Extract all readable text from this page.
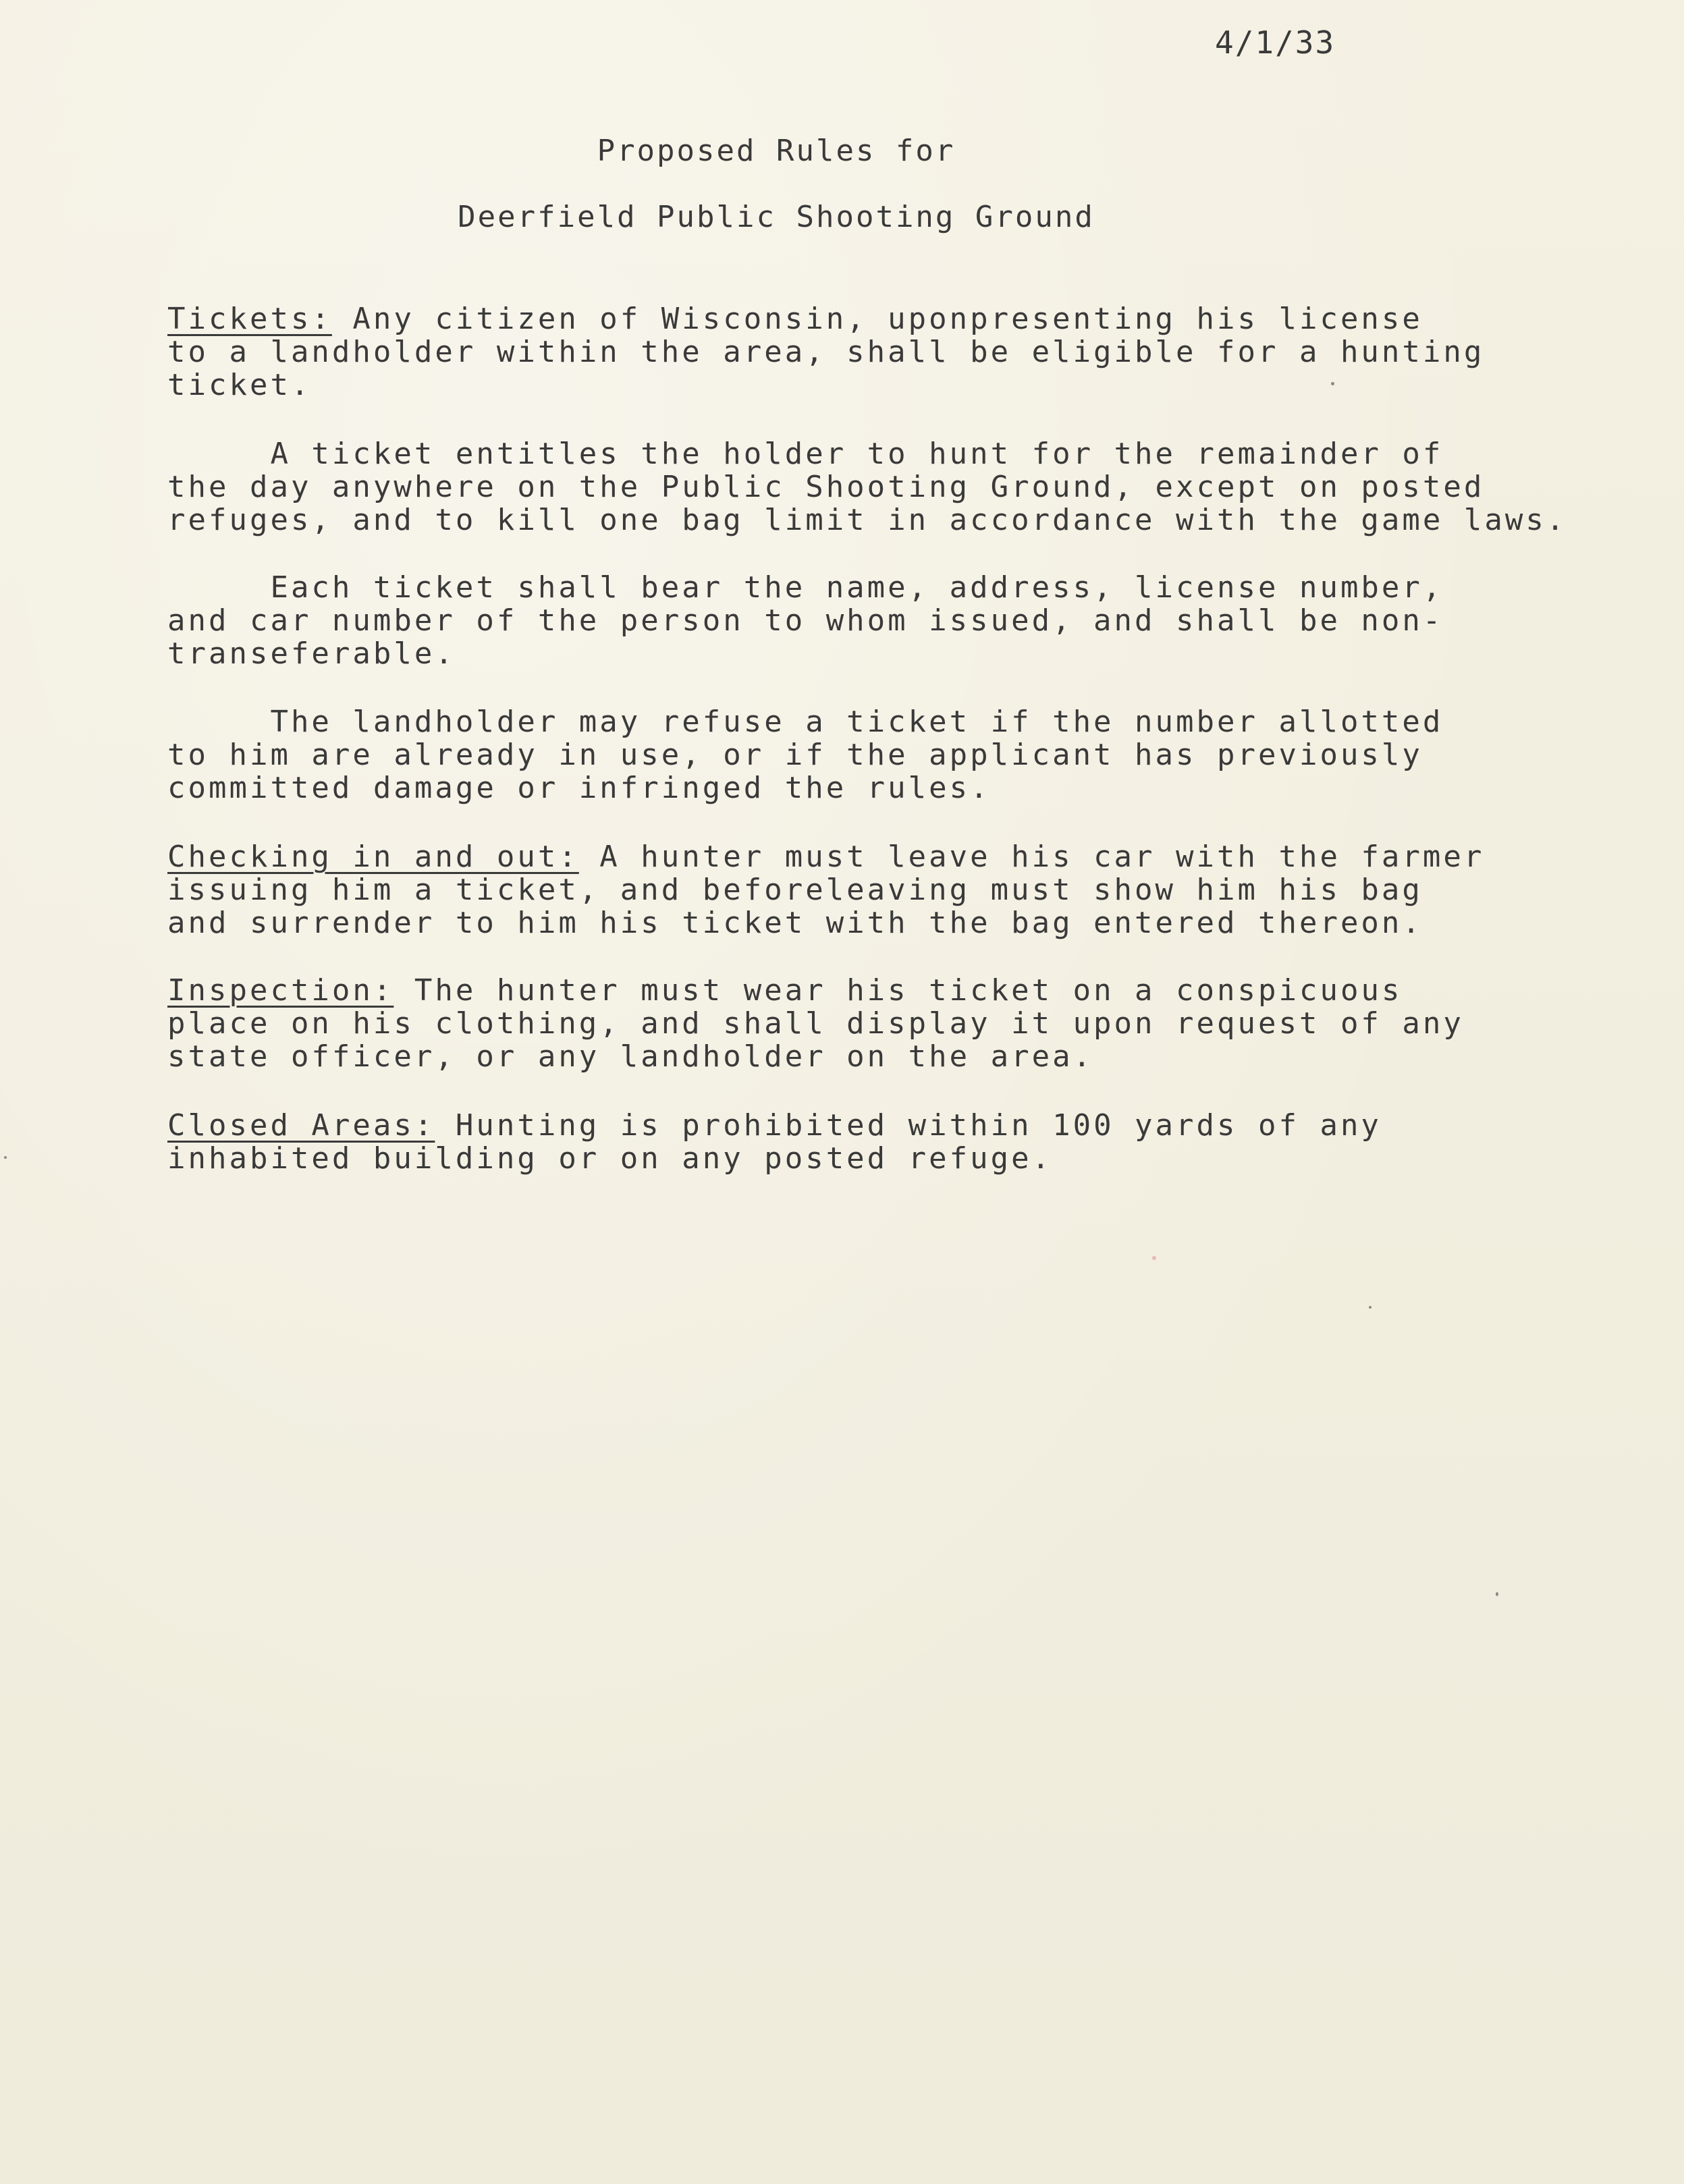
4/1/33
Proposed Rules for
Deerfield Public Shooting Ground
Tickets: Any citizen of Wisconsin, uponpresenting his license
to a landholder within the area, shall be eligible for a hunting
ticket.
A ticket entitles the holder to hunt for the remainder of
the day anywhere on the Public Shooting Ground, except on posted
refuges, and to kill one bag limit in accordance with the game laws.
Each ticket shall bear the name, address, license number,
and car number of the person to whom issued, and shall be non-
transeferable.
The landholder may refuse a ticket if the number allotted
to him are already in use, or if the applicant has previously
committed damage or infringed the rules.
Checking in and out: A hunter must leave his car with the farmer
issuing him a ticket, and beforeleaving must show him his bag
and surrender to him his ticket with the bag entered thereon.
Inspection: The hunter must wear his ticket on a conspicuous
place on his clothing, and shall display it upon request of any
state officer, or any landholder on the area.
Closed Areas: Hunting is prohibited within 100 yards of any
inhabited building or on any posted refuge.
